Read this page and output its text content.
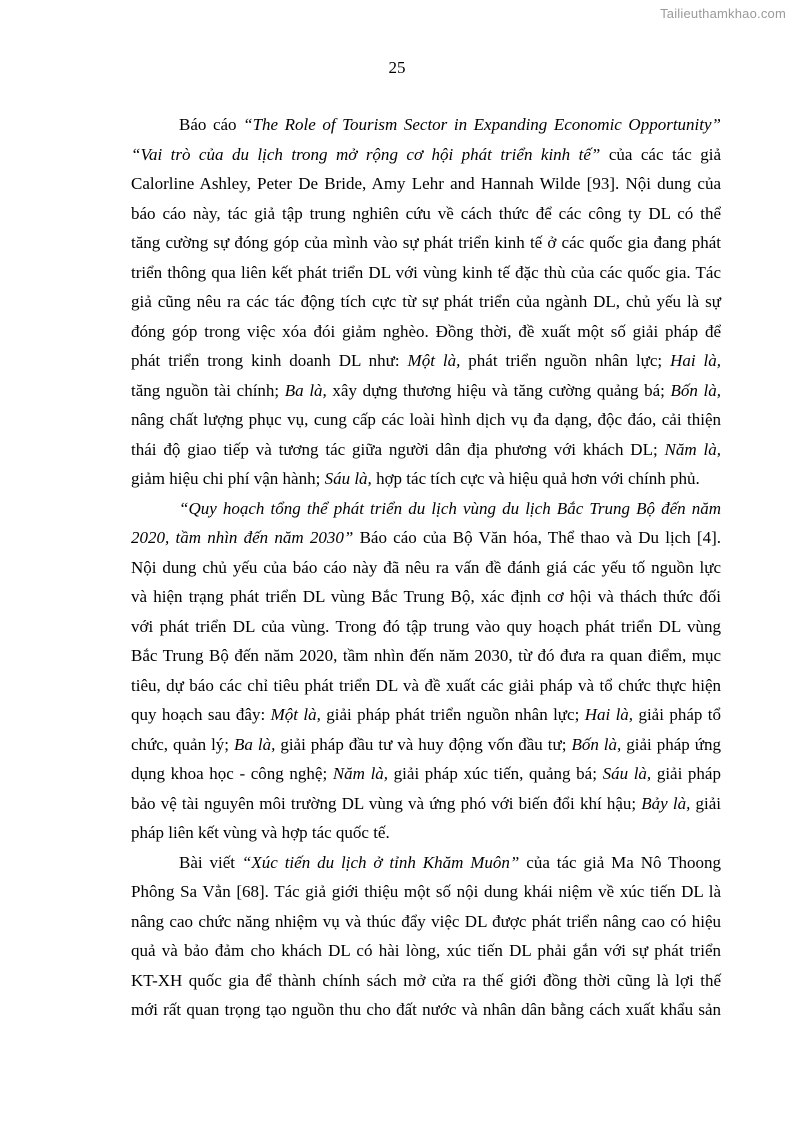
Tailieuthamkhao.com
25
Báo cáo “The Role of Tourism Sector in Expanding Economic Opportunity”
“Vai trò của du lịch trong mở rộng cơ hội phát triển kinh tế” của các tác giả
Calorline Ashley, Peter De Bride, Amy Lehr and Hannah Wilde [93]. Nội dung của
báo cáo này, tác giả tập trung nghiên cứu về cách thức để các công ty DL có thể
tăng cường sự đóng góp của mình vào sự phát triển kinh tế ở các quốc gia đang phát
triển thông qua liên kết phát triển DL với vùng kinh tế đặc thù của các quốc gia. Tác
giả cũng nêu ra các tác động tích cực từ sự phát triển của ngành DL, chủ yếu là sự
đóng góp trong việc xóa đói giảm nghèo. Đồng thời, đề xuất một số giải pháp để
phát triển trong kinh doanh DL như: Một là, phát triển nguồn nhân lực; Hai là,
tăng nguồn tài chính; Ba là, xây dựng thương hiệu và tăng cường quảng bá; Bốn là,
nâng chất lượng phục vụ, cung cấp các loài hình dịch vụ đa dạng, độc đáo, cải thiện
thái độ giao tiếp và tương tác giữa người dân địa phương với khách DL; Năm là,
giảm hiệu chi phí vận hành; Sáu là, hợp tác tích cực và hiệu quả hơn với chính phủ.
“Quy hoạch tổng thể phát triển du lịch vùng du lịch Bắc Trung Bộ đến năm
2020, tầm nhìn đến năm 2030” Báo cáo của Bộ Văn hóa, Thể thao và Du lịch [4].
Nội dung chủ yếu của báo cáo này đã nêu ra vấn đề đánh giá các yếu tố nguồn lực
và hiện trạng phát triển DL vùng Bắc Trung Bộ, xác định cơ hội và thách thức đối
với phát triển DL của vùng. Trong đó tập trung vào quy hoạch phát triển DL vùng
Bắc Trung Bộ đến năm 2020, tầm nhìn đến năm 2030, từ đó đưa ra quan điểm, mục
tiêu, dự báo các chỉ tiêu phát triển DL và đề xuất các giải pháp và tổ chức thực hiện
quy hoạch sau đây: Một là, giải pháp phát triển nguồn nhân lực; Hai là, giải pháp tổ
chức, quản lý; Ba là, giải pháp đầu tư và huy động vốn đầu tư; Bốn là, giải pháp ứng
dụng khoa học - công nghệ; Năm là, giải pháp xúc tiến, quảng bá; Sáu là, giải pháp
bảo vệ tài nguyên môi trường DL vùng và ứng phó với biến đổi khí hậu; Bảy là, giải
pháp liên kết vùng và hợp tác quốc tế.
Bài viết “Xúc tiến du lịch ở tỉnh Khăm Muôn” của tác giả Ma Nô Thoong
Phông Sa Vẳn [68]. Tác giả giới thiệu một số nội dung khái niệm về xúc tiến DL là
nâng cao chức năng nhiệm vụ và thúc đẩy việc DL được phát triển nâng cao có hiệu
quả và bảo đảm cho khách DL có hài lòng, xúc tiến DL phải gắn với sự phát triển
KT-XH quốc gia để thành chính sách mở cửa ra thế giới đồng thời cũng là lợi thế
mới rất quan trọng tạo nguồn thu cho đất nước và nhân dân bằng cách xuất khẩu sản
